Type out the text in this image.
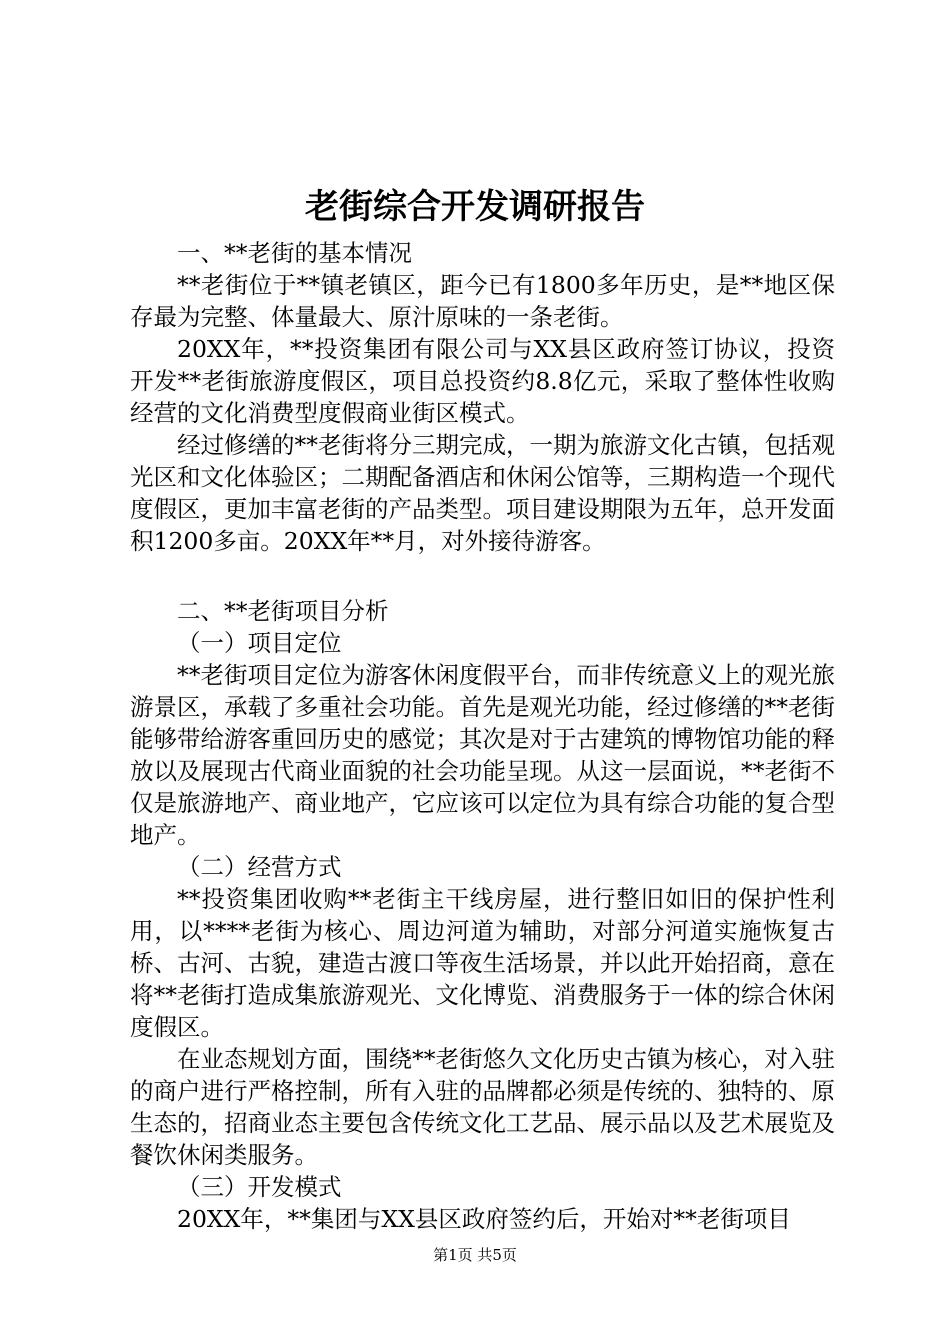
老街综合开发调研报告

一、**老街的基本情况

**老街位于**镇老镇区，距今已有1800多年历史，是**地区保存最为完整、体量最大、原汁原味的一条老街。

20XX年，**投资集团有限公司与XX县区政府签订协议，投资开发**老街旅游度假区，项目总投资约8.8亿元，采取了整体性收购经营的文化消费型度假商业街区模式。

经过修缮的**老街将分三期完成，一期为旅游文化古镇，包括观光区和文化体验区；二期配备酒店和休闲公馆等，三期构造一个现代度假区，更加丰富老街的产品类型。项目建设期限为五年，总开发面积1200多亩。20XX年**月，对外接待游客。

二、**老街项目分析

（一）项目定位

**老街项目定位为游客休闲度假平台，而非传统意义上的观光旅游景区，承载了多重社会功能。首先是观光功能，经过修缮的**老街能够带给游客重回历史的感觉；其次是对于古建筑的博物馆功能的释放以及展现古代商业面貌的社会功能呈现。从这一层面说，**老街不仅是旅游地产、商业地产，它应该可以定位为具有综合功能的复合型地产。

（二）经营方式

**投资集团收购**老街主干线房屋，进行整旧如旧的保护性利用，以****老街为核心、周边河道为辅助，对部分河道实施恢复古桥、古河、古貌，建造古渡口等夜生活场景，并以此开始招商，意在将**老街打造成集旅游观光、文化博览、消费服务于一体的综合休闲度假区。

在业态规划方面，围绕**老街悠久文化历史古镇为核心，对入驻的商户进行严格控制，所有入驻的品牌都必须是传统的、独特的、原生态的，招商业态主要包含传统文化工艺品、展示品以及艺术展览及餐饮休闲类服务。

（三）开发模式

20XX年，**集团与XX县区政府签约后，开始对**老街项目

第1页 共5页
